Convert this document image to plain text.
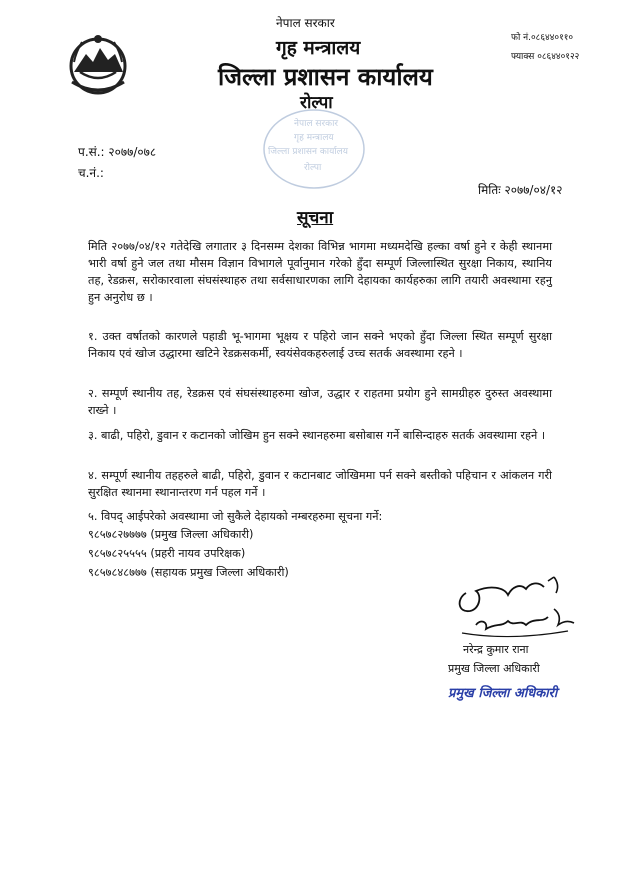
नेपाल सरकार
गृह मन्त्रालय
जिल्ला प्रशासन कार्यालय
रोल्पा
फो नं.०८६४४०११०
फ्याक्स ०८६४४०१२२
नेपाल सरकार
गृह मन्त्रालय
जिल्ला प्रशासन कार्यालय
रोल्पा
प.सं.: २०७७/०७८
च.नं.:
मितिः २०७७/०४/१२
सूचना
मिति २०७७/०४/१२ गतेदेखि लगातार ३ दिनसम्म देशका विभिन्न भागमा मध्यमदेखि हल्का वर्षा हुने र केही स्थानमा भारी वर्षा हुने जल तथा मौसम विज्ञान विभागले पूर्वानुमान गरेको हुँदा सम्पूर्ण जिल्लास्थित सुरक्षा निकाय, स्थानिय तह, रेडक्रस, सरोकारवाला संघसंस्थाहरु तथा सर्वसाधारणका लागि देहायका कार्यहरुका लागि तयारी अवस्थामा रहनु हुन अनुरोध छ ।
१. उक्त वर्षातको कारणले पहाडी भू-भागमा भूक्षय र पहिरो जान सक्ने भएको हुँदा जिल्ला स्थित सम्पूर्ण सुरक्षा निकाय एवं खोज उद्धारमा खटिने रेडक्रसकर्मी, स्वयंसेवकहरुलाई उच्च सतर्क अवस्थामा रहने ।
२. सम्पूर्ण स्थानीय तह, रेडक्रस एवं संघसंस्थाहरुमा खोज, उद्धार र राहतमा प्रयोग हुने सामग्रीहरु दुरुस्त अवस्थामा राख्ने ।
३. बाढी, पहिरो, डुवान र कटानको जोखिम हुन सक्ने स्थानहरुमा बसोबास गर्ने बासिन्दाहरु सतर्क अवस्थामा रहने ।
४. सम्पूर्ण स्थानीय तहहरुले बाढी, पहिरो, डुवान र कटानबाट जोखिममा पर्न सक्ने बस्तीको पहिचान र आंकलन गरी सुरक्षित स्थानमा स्थानान्तरण गर्न पहल गर्ने ।
५. विपद् आईपरेको अवस्थामा जो सुकैले देहायको नम्बरहरुमा सूचना गर्ने:
९८५७८२७७७७ (प्रमुख जिल्ला अधिकारी)
९८५७८२५५५५ (प्रहरी नायव उपरिक्षक)
९८५७८४८७७७ (सहायक प्रमुख जिल्ला अधिकारी)
नरेन्द्र कुमार राना
प्रमुख जिल्ला अधिकारी
प्रमुख जिल्ला अधिकारी
